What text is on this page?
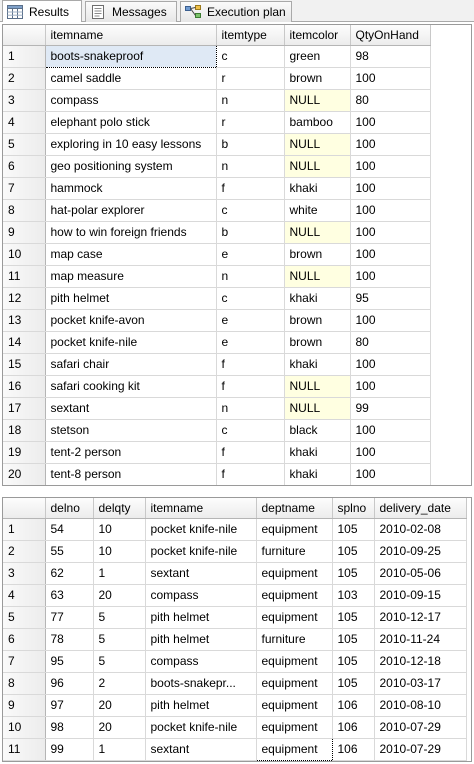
Results	Messages	Execution plan
	itemname	itemtype	itemcolor	QtyOnHand
1	boots-snakeproof	c	green	98
2	camel saddle	r	brown	100
3	compass	n	NULL	80
4	elephant polo stick	r	bamboo	100
5	exploring in 10 easy lessons	b	NULL	100
6	geo positioning system	n	NULL	100
7	hammock	f	khaki	100
8	hat-polar explorer	c	white	100
9	how to win foreign friends	b	NULL	100
10	map case	e	brown	100
11	map measure	n	NULL	100
12	pith helmet	c	khaki	95
13	pocket knife-avon	e	brown	100
14	pocket knife-nile	e	brown	80
15	safari chair	f	khaki	100
16	safari cooking kit	f	NULL	100
17	sextant	n	NULL	99
18	stetson	c	black	100
19	tent-2 person	f	khaki	100
20	tent-8 person	f	khaki	100
	delno	delqty	itemname	deptname	splno	delivery_date
1	54	10	pocket knife-nile	equipment	105	2010-02-08
2	55	10	pocket knife-nile	furniture	105	2010-09-25
3	62	1	sextant	equipment	105	2010-05-06
4	63	20	compass	equipment	103	2010-09-15
5	77	5	pith helmet	equipment	105	2010-12-17
6	78	5	pith helmet	furniture	105	2010-11-24
7	95	5	compass	equipment	105	2010-12-18
8	96	2	boots-snakepr...	equipment	105	2010-03-17
9	97	20	pith helmet	equipment	106	2010-08-10
10	98	20	pocket knife-nile	equipment	106	2010-07-29
11	99	1	sextant	equipment	106	2010-07-29
